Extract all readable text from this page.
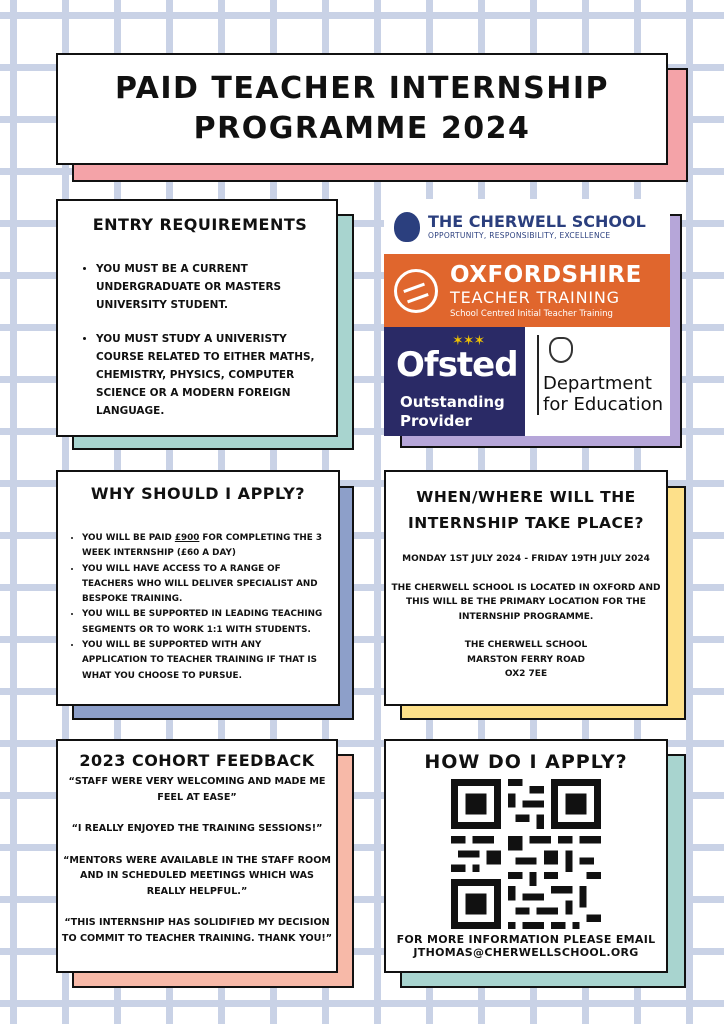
PAID TEACHER INTERNSHIP
PROGRAMME 2024
ENTRY REQUIREMENTS
• YOU MUST BE A CURRENT UNDERGRADUATE OR MASTERS UNIVERSITY STUDENT.
• YOU MUST STUDY A UNIVERISTY COURSE RELATED TO EITHER MATHS, CHEMISTRY, PHYSICS, COMPUTER SCIENCE OR A MODERN FOREIGN LANGUAGE.
THE CHERWELL SCHOOL
OPPORTUNITY, RESPONSIBILITY, EXCELLENCE
OXFORDSHIRE
TEACHER TRAINING
School Centred Initial Teacher Training
✶✶✶
Ofsted
Outstanding
Provider
Department
for Education
WHY SHOULD I APPLY?
• YOU WILL BE PAID £900 FOR COMPLETING THE 3 WEEK INTERNSHIP (£60 A DAY)
• YOU WILL HAVE ACCESS TO A RANGE OF TEACHERS WHO WILL DELIVER SPECIALIST AND BESPOKE TRAINING.
• YOU WILL BE SUPPORTED IN LEADING TEACHING SEGMENTS OR TO WORK 1:1 WITH STUDENTS.
• YOU WILL BE SUPPORTED WITH ANY APPLICATION TO TEACHER TRAINING IF THAT IS WHAT YOU CHOOSE TO PURSUE.
WHEN/WHERE WILL THE
INTERNSHIP TAKE PLACE?
MONDAY 1ST JULY 2024 - FRIDAY 19TH JULY 2024
THE CHERWELL SCHOOL IS LOCATED IN OXFORD AND THIS WILL BE THE PRIMARY LOCATION FOR THE INTERNSHIP PROGRAMME.
THE CHERWELL SCHOOL
MARSTON FERRY ROAD
OX2 7EE
2023 COHORT FEEDBACK
“STAFF WERE VERY WELCOMING AND MADE ME FEEL AT EASE”
“I REALLY ENJOYED THE TRAINING SESSIONS!”
“MENTORS WERE AVAILABLE IN THE STAFF ROOM AND IN SCHEDULED MEETINGS WHICH WAS REALLY HELPFUL.”
“THIS INTERNSHIP HAS SOLIDIFIED MY DECISION TO COMMIT TO TEACHER TRAINING. THANK YOU!”
HOW DO I APPLY?
FOR MORE INFORMATION PLEASE EMAIL
JTHOMAS@CHERWELLSCHOOL.ORG
